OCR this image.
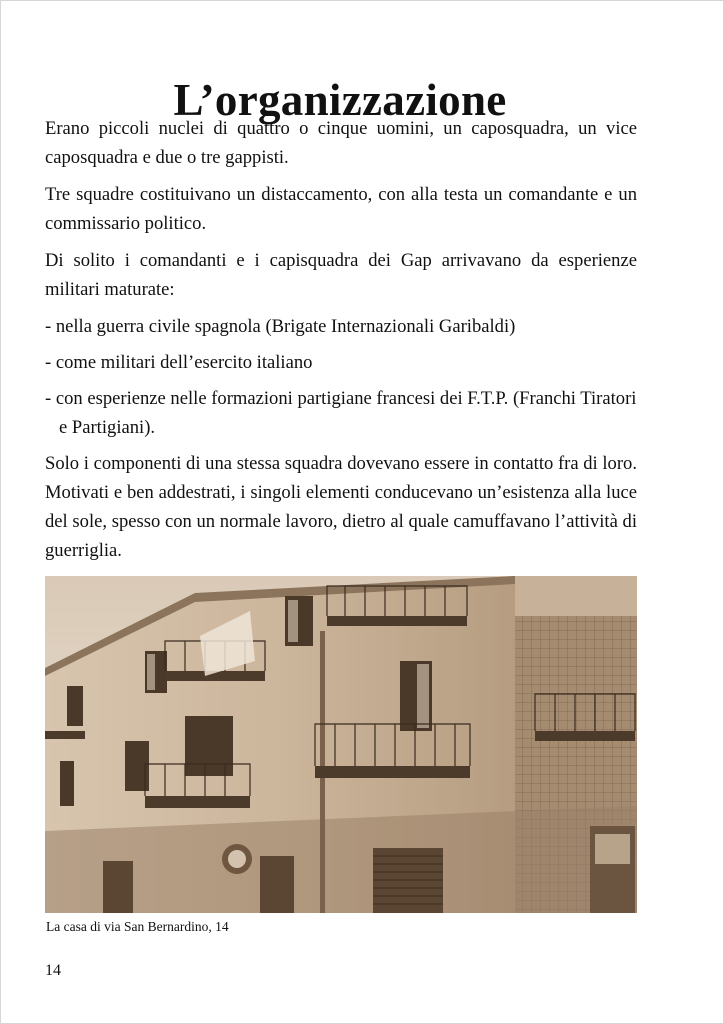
L’organizzazione

Erano piccoli nuclei di quattro o cinque uomini, un caposquadra, un vice caposquadra e due o tre gappisti.

Tre squadre costituivano un distaccamento, con alla testa un comandante e un commissario politico.

Di solito i comandanti e i capisquadra dei Gap arrivavano da esperienze militari maturate:

- nella guerra civile spagnola (Brigate Internazionali Garibaldi)

- come militari dell’esercito italiano

- con esperienze nelle formazioni partigiane francesi dei F.T.P. (Franchi Tiratori e Partigiani).

Solo i componenti di una stessa squadra dovevano essere in contatto fra di loro. Motivati e ben addestrati, i singoli elementi conducevano un’esistenza alla luce del sole, spesso con un normale lavoro, dietro al quale camuffavano l’attività di guerriglia.

La casa di via San Bernardino, 14
14
